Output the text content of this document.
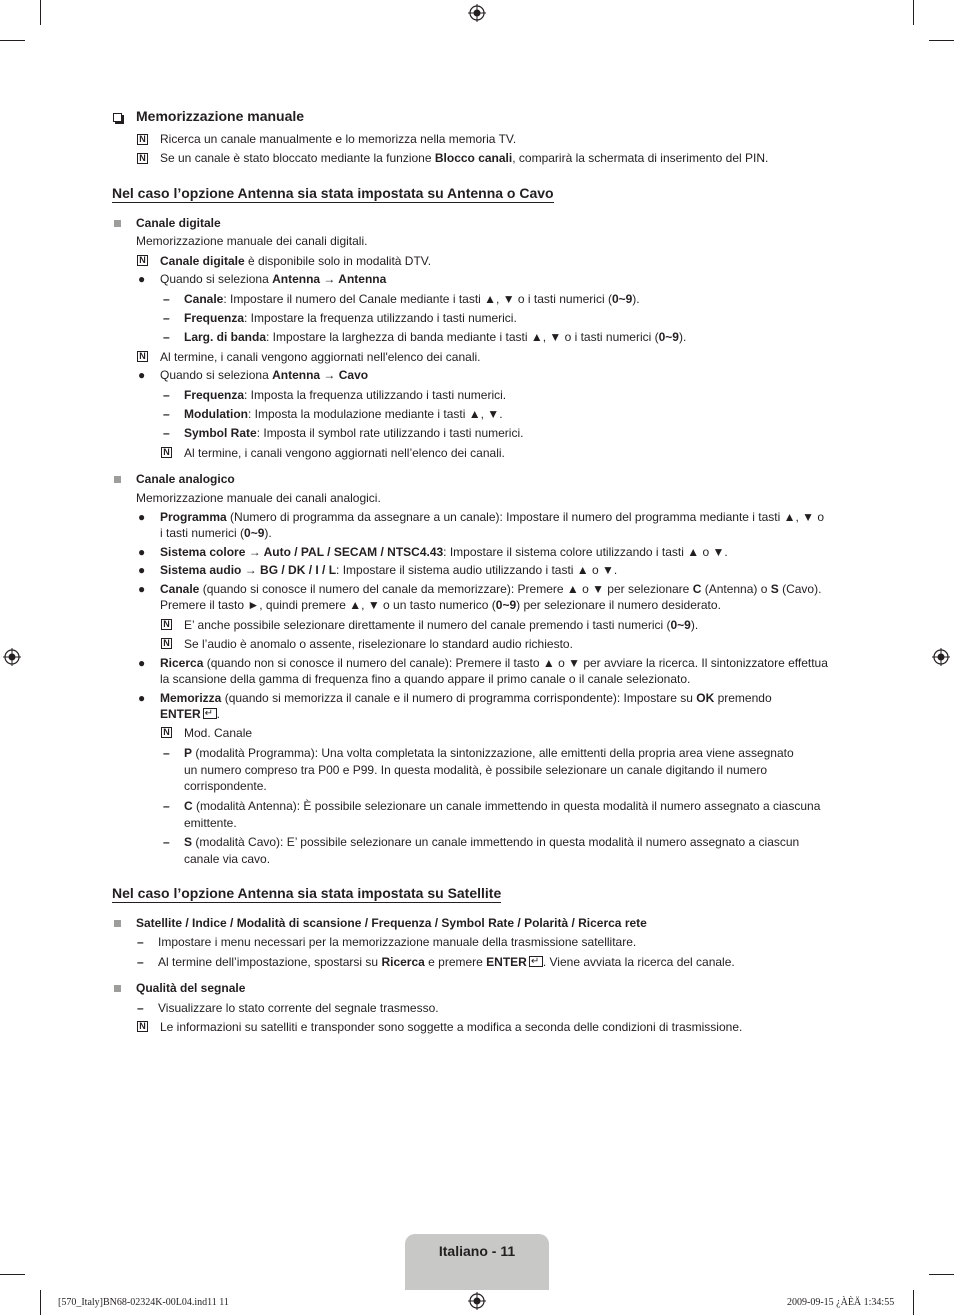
Memorizzazione manuale
N Ricerca un canale manualmente e lo memorizza nella memoria TV.
N Se un canale è stato bloccato mediante la funzione Blocco canali, comparirà la schermata di inserimento del PIN.
Nel caso l’opzione Antenna sia stata impostata su Antenna o Cavo
Canale digitale
Memorizzazione manuale dei canali digitali.
N Canale digitale è disponibile solo in modalità DTV.
● Quando si seleziona Antenna → Antenna
– Canale: Impostare il numero del Canale mediante i tasti ▲, ▼ o i tasti numerici (0~9).
– Frequenza: Impostare la frequenza utilizzando i tasti numerici.
– Larg. di banda: Impostare la larghezza di banda mediante i tasti ▲, ▼ o i tasti numerici (0~9).
N Al termine, i canali vengono aggiornati nell'elenco dei canali.
● Quando si seleziona Antenna → Cavo
– Frequenza: Imposta la frequenza utilizzando i tasti numerici.
– Modulation: Imposta la modulazione mediante i tasti ▲, ▼.
– Symbol Rate: Imposta il symbol rate utilizzando i tasti numerici.
N Al termine, i canali vengono aggiornati nell’elenco dei canali.
Canale analogico
Memorizzazione manuale dei canali analogici.
● Programma (Numero di programma da assegnare a un canale): Impostare il numero del programma mediante i tasti ▲, ▼ o
i tasti numerici (0~9).
● Sistema colore → Auto / PAL / SECAM / NTSC4.43: Impostare il sistema colore utilizzando i tasti ▲ o ▼.
● Sistema audio → BG / DK / I / L: Impostare il sistema audio utilizzando i tasti ▲ o ▼.
● Canale (quando si conosce il numero del canale da memorizzare): Premere ▲ o ▼ per selezionare C (Antenna) o S (Cavo).
Premere il tasto ►, quindi premere ▲, ▼ o un tasto numerico (0~9) per selezionare il numero desiderato.
N E’ anche possibile selezionare direttamente il numero del canale premendo i tasti numerici (0~9).
N Se l’audio è anomalo o assente, riselezionare lo standard audio richiesto.
● Ricerca (quando non si conosce il numero del canale): Premere il tasto ▲ o ▼ per avviare la ricerca. Il sintonizzatore effettua
la scansione della gamma di frequenza fino a quando appare il primo canale o il canale selezionato.
● Memorizza (quando si memorizza il canale e il numero di programma corrispondente): Impostare su OK premendo
ENTER ↵ .
N Mod. Canale
– P (modalità Programma): Una volta completata la sintonizzazione, alle emittenti della propria area viene assegnato
un numero compreso tra P00 e P99. In questa modalità, è possibile selezionare un canale digitando il numero
corrispondente.
– C (modalità Antenna): È possibile selezionare un canale immettendo in questa modalità il numero assegnato a ciascuna
emittente.
– S (modalità Cavo): E’ possibile selezionare un canale immettendo in questa modalità il numero assegnato a ciascun
canale via cavo.
Nel caso l’opzione Antenna sia stata impostata su Satellite
Satellite / Indice / Modalità di scansione / Frequenza / Symbol Rate / Polarità / Ricerca rete
– Impostare i menu necessari per la memorizzazione manuale della trasmissione satellitare.
– Al termine dell’impostazione, spostarsi su Ricerca e premere ENTER ↵ . Viene avviata la ricerca del canale.
Qualità del segnale
– Visualizzare lo stato corrente del segnale trasmesso.
N Le informazioni su satelliti e transponder sono soggette a modifica a seconda delle condizioni di trasmissione.
Italiano - 11
[570_Italy]BN68-02324K-00L04.ind11 11	2009-09-15 ¿ÀÈÄ 1:34:55
